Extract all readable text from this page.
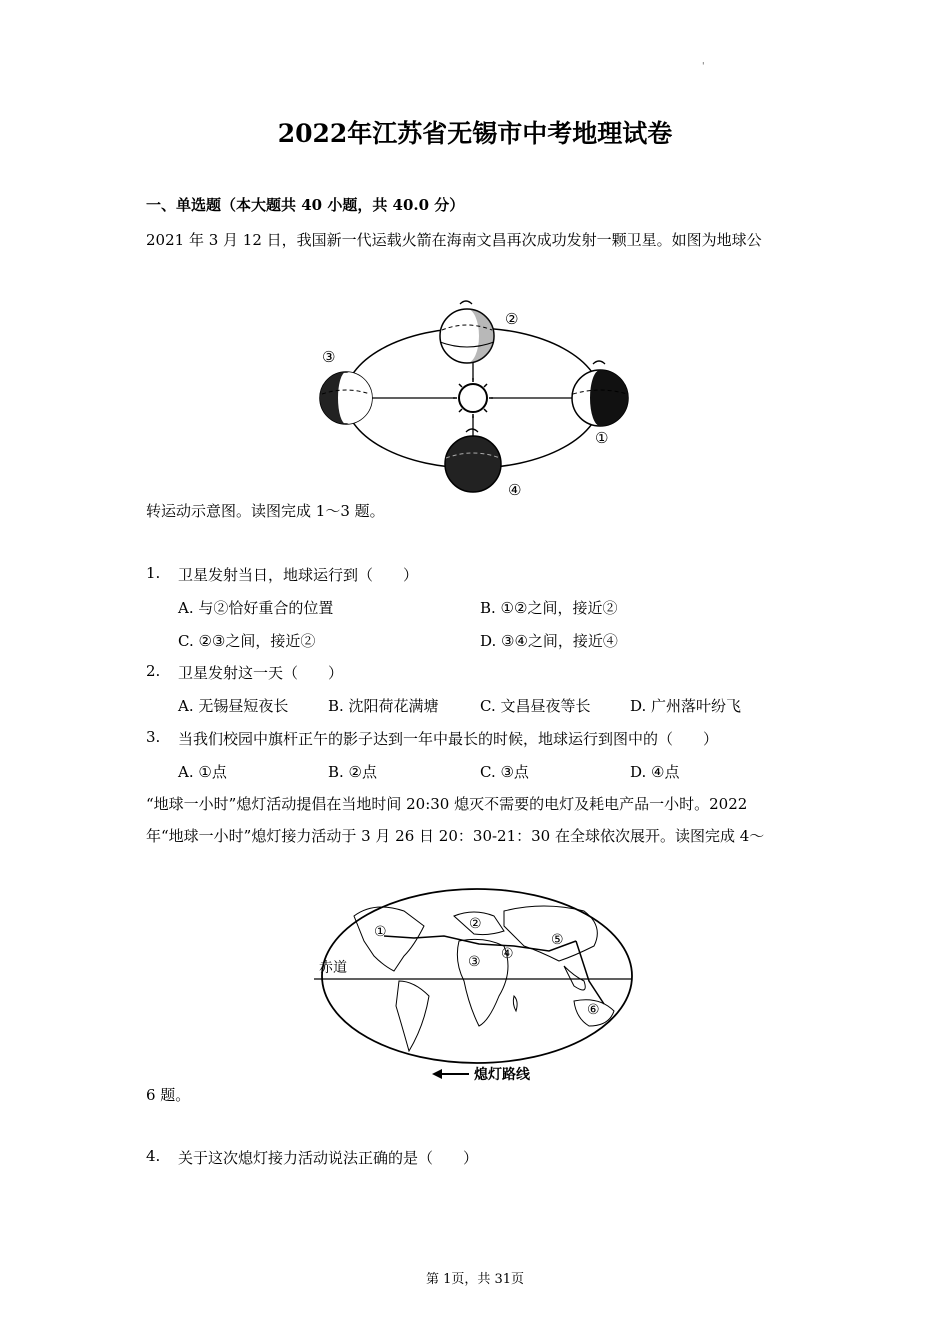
'
2022年江苏省无锡市中考地理试卷
一、单选题（本大题共 40 小题，共 40.0 分）
2021 年 3 月 12 日，我国新一代运载火箭在海南文昌再次成功发射一颗卫星。如图为地球公
②
③
①
④
转运动示意图。读图完成 1～3 题。
1. 卫星发射当日，地球运行到（　　）
A. 与②恰好重合的位置	B. ①②之间，接近②
C. ②③之间，接近②	D. ③④之间，接近④
2. 卫星发射这一天（　　）
A. 无锡昼短夜长	B. 沈阳荷花满塘	C. 文昌昼夜等长	D. 广州落叶纷飞
3. 当我们校园中旗杆正午的影子达到一年中最长的时候，地球运行到图中的（　　）
A. ①点	B. ②点	C. ③点	D. ④点
“地球一小时”熄灯活动提倡在当地时间 20:30 熄灭不需要的电灯及耗电产品一小时。2022
年“地球一小时”熄灯接力活动于 3 月 26 日 20：30-21：30 在全球依次展开。读图完成 4～
赤道
①	②
③ ④
⑤
⑥
熄灯路线
6 题。
4. 关于这次熄灯接力活动说法正确的是（　　）
第 1页，共 31页
